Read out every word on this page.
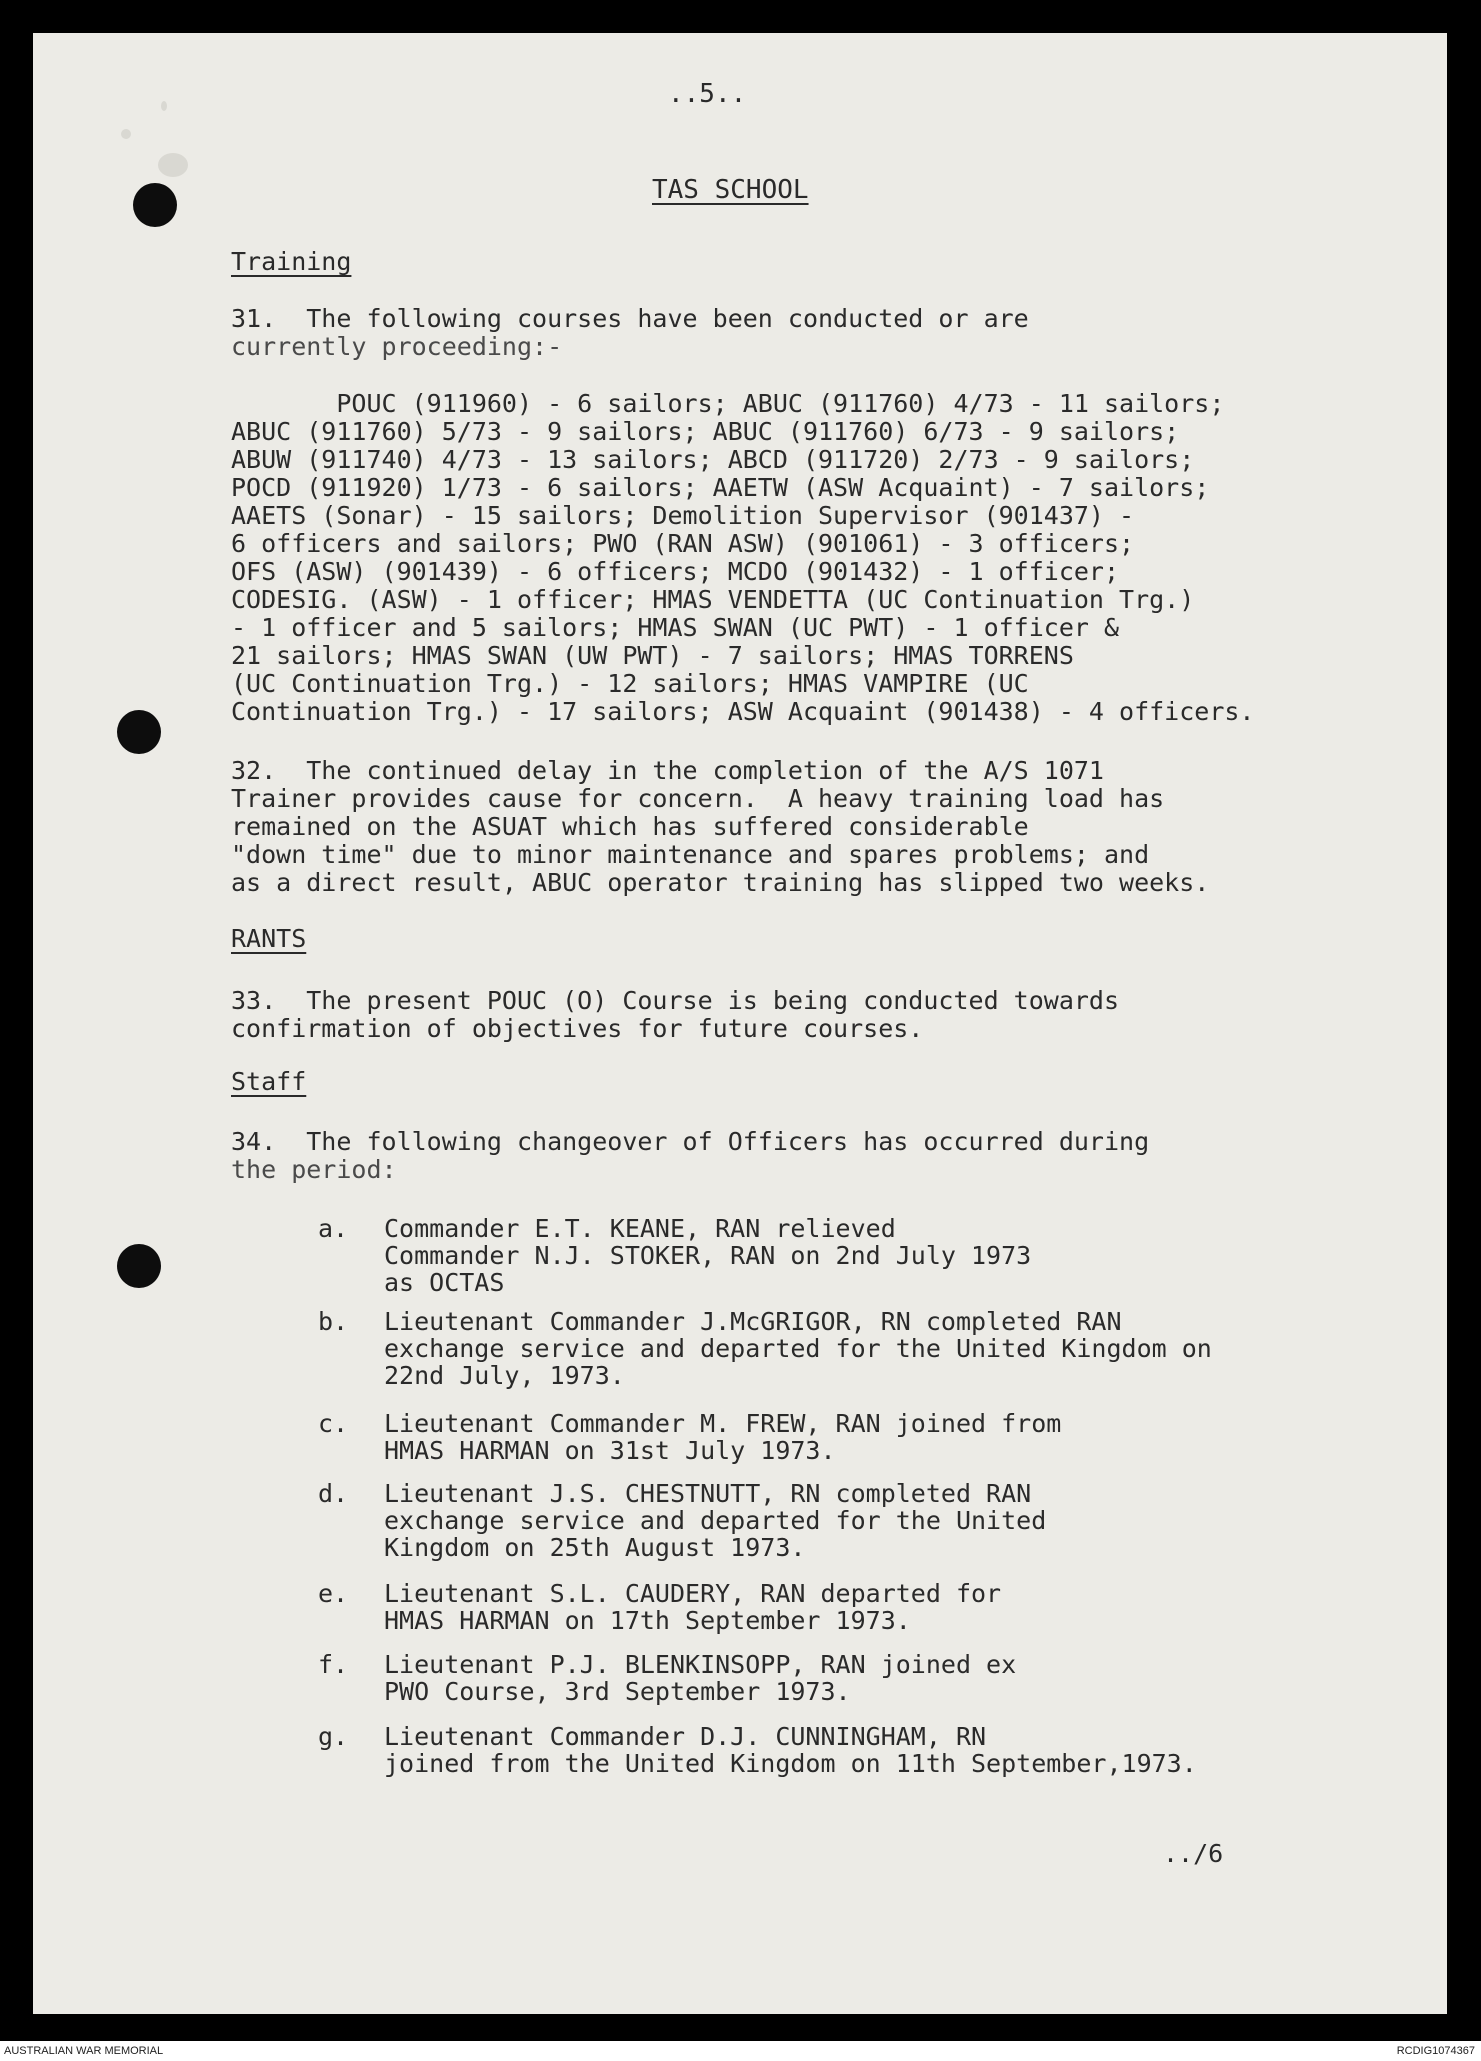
..5..
TAS SCHOOL
Training
31.  The following courses have been conducted or are
currently proceeding:-
POUC (911960) - 6 sailors; ABUC (911760) 4/73 - 11 sailors;
ABUC (911760) 5/73 - 9 sailors; ABUC (911760) 6/73 - 9 sailors;
ABUW (911740) 4/73 - 13 sailors; ABCD (911720) 2/73 - 9 sailors;
POCD (911920) 1/73 - 6 sailors; AAETW (ASW Acquaint) - 7 sailors;
AAETS (Sonar) - 15 sailors; Demolition Supervisor (901437) -
6 officers and sailors; PWO (RAN ASW) (901061) - 3 officers;
OFS (ASW) (901439) - 6 officers; MCDO (901432) - 1 officer;
CODESIG. (ASW) - 1 officer; HMAS VENDETTA (UC Continuation Trg.)
- 1 officer and 5 sailors; HMAS SWAN (UC PWT) - 1 officer &
21 sailors; HMAS SWAN (UW PWT) - 7 sailors; HMAS TORRENS
(UC Continuation Trg.) - 12 sailors; HMAS VAMPIRE (UC
Continuation Trg.) - 17 sailors; ASW Acquaint (901438) - 4 officers.
32.  The continued delay in the completion of the A/S 1071
Trainer provides cause for concern.  A heavy training load has
remained on the ASUAT which has suffered considerable
"down time" due to minor maintenance and spares problems; and
as a direct result, ABUC operator training has slipped two weeks.
RANTS
33.  The present POUC (O) Course is being conducted towards
confirmation of objectives for future courses.
Staff
34.  The following changeover of Officers has occurred during
the period:
a. Commander E.T. KEANE, RAN relieved
Commander N.J. STOKER, RAN on 2nd July 1973
as OCTAS
b. Lieutenant Commander J.McGRIGOR, RN completed RAN
exchange service and departed for the United Kingdom on
22nd July, 1973.
c. Lieutenant Commander M. FREW, RAN joined from
HMAS HARMAN on 31st July 1973.
d. Lieutenant J.S. CHESTNUTT, RN completed RAN
exchange service and departed for the United
Kingdom on 25th August 1973.
e. Lieutenant S.L. CAUDERY, RAN departed for
HMAS HARMAN on 17th September 1973.
f. Lieutenant P.J. BLENKINSOPP, RAN joined ex
PWO Course, 3rd September 1973.
g. Lieutenant Commander D.J. CUNNINGHAM, RN
joined from the United Kingdom on 11th September,1973.
../6
AUSTRALIAN WAR MEMORIAL	RCDIG1074367
